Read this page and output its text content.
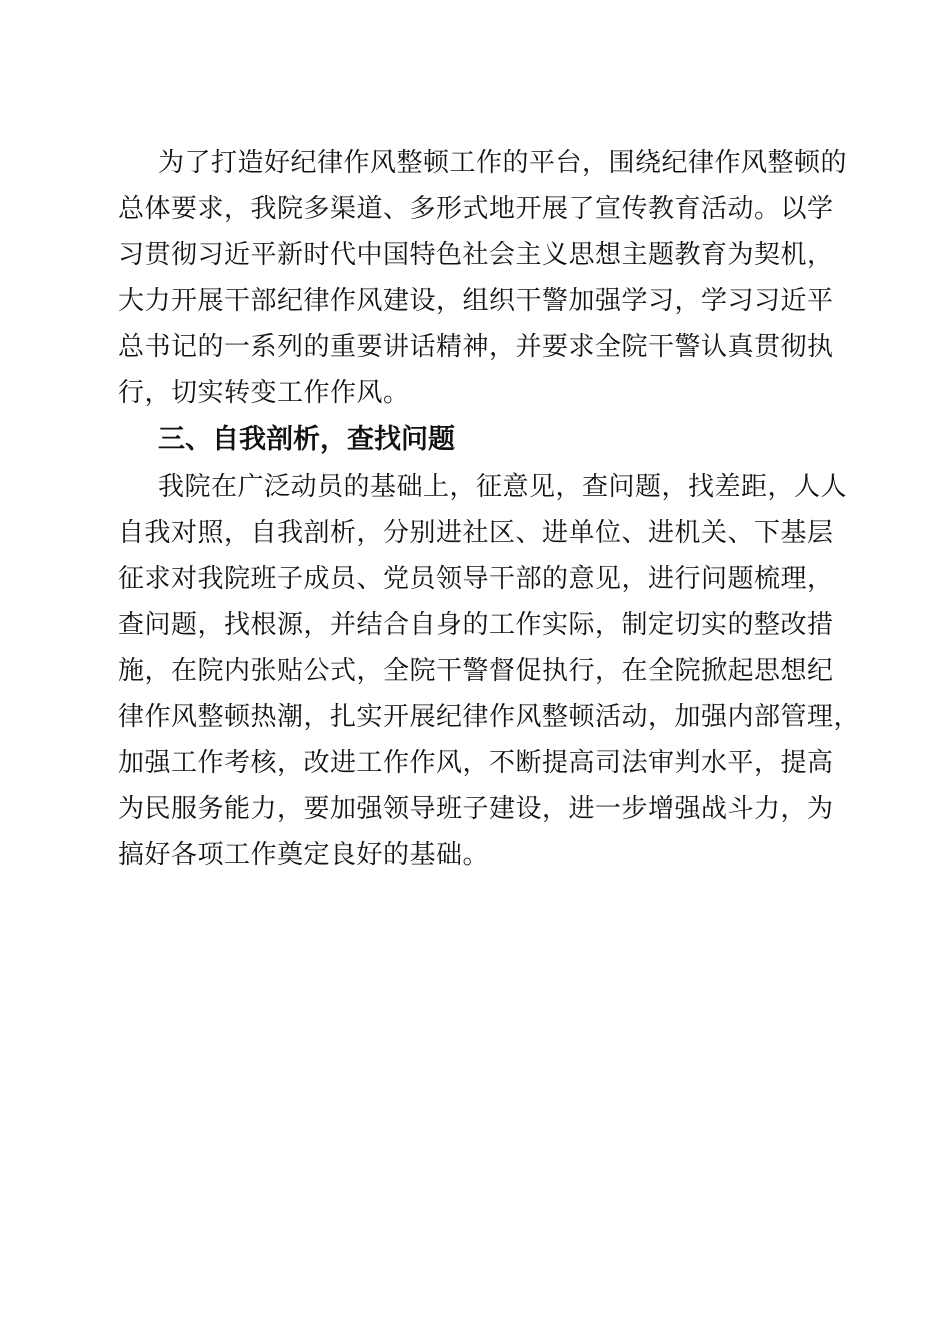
为了打造好纪律作风整顿工作的平台，围绕纪律作风整顿的
总体要求，我院多渠道、多形式地开展了宣传教育活动。以学
习贯彻习近平新时代中国特色社会主义思想主题教育为契机，
大力开展干部纪律作风建设，组织干警加强学习，学习习近平
总书记的一系列的重要讲话精神，并要求全院干警认真贯彻执
行，切实转变工作作风。
三、自我剖析，查找问题
我院在广泛动员的基础上，征意见，查问题，找差距，人人
自我对照，自我剖析，分别进社区、进单位、进机关、下基层
征求对我院班子成员、党员领导干部的意见，进行问题梳理，
查问题，找根源，并结合自身的工作实际，制定切实的整改措
施，在院内张贴公式，全院干警督促执行，在全院掀起思想纪
律作风整顿热潮，扎实开展纪律作风整顿活动，加强内部管理，
加强工作考核，改进工作作风，不断提高司法审判水平，提高
为民服务能力，要加强领导班子建设，进一步增强战斗力，为
搞好各项工作奠定良好的基础。
